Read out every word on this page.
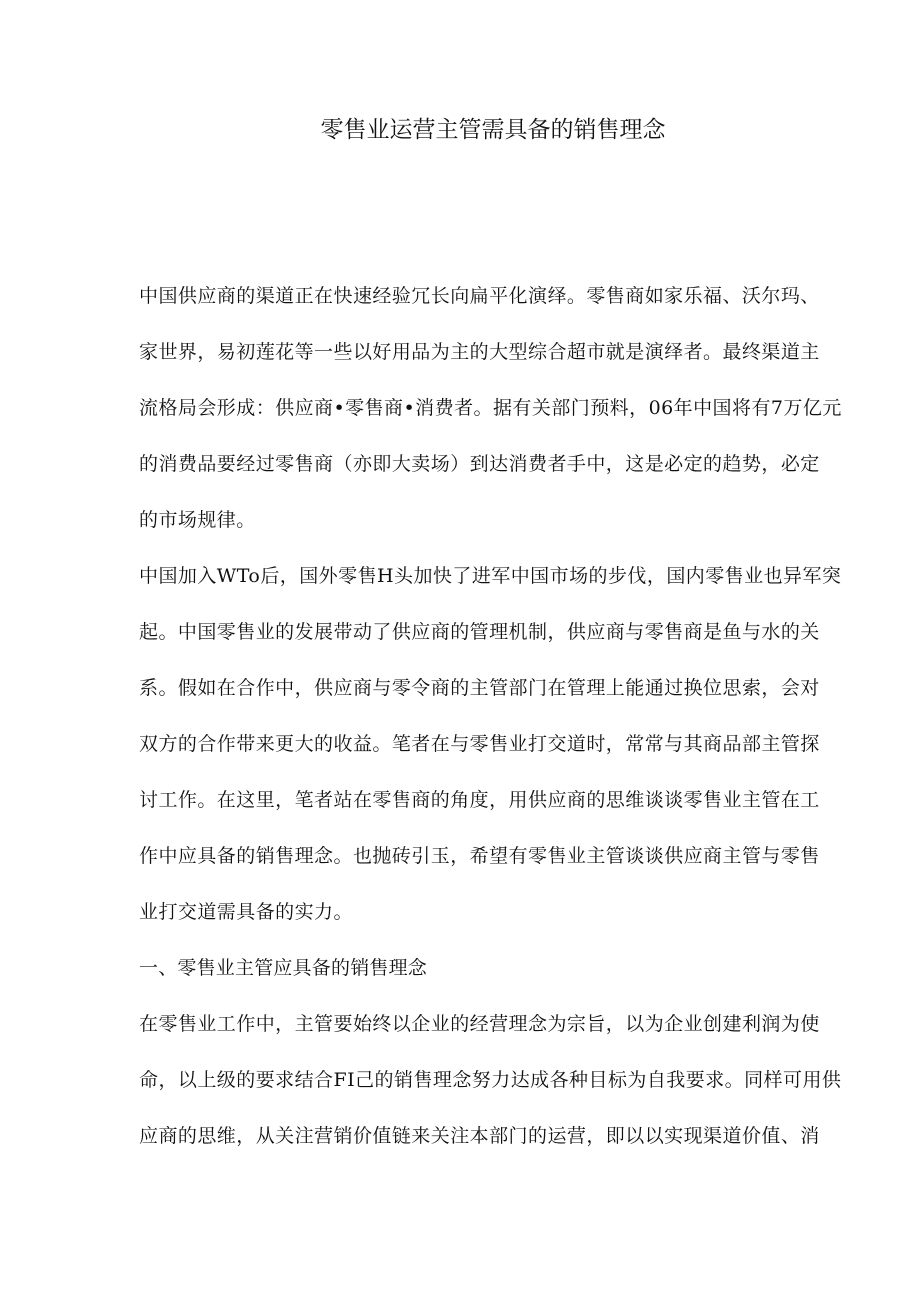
零售业运营主管需具备的销售理念
中国供应商的渠道正在快速经验冗长向扁平化演绎。零售商如家乐福、沃尔玛、
家世界，易初莲花等一些以好用品为主的大型综合超市就是演绎者。最终渠道主
流格局会形成：供应商•零售商•消费者。据有关部门预料，06年中国将有7万亿元
的消费品要经过零售商（亦即大卖场）到达消费者手中，这是必定的趋势，必定
的市场规律。
中国加入WTo后，国外零售H头加快了进军中国市场的步伐，国内零售业也异军突
起。中国零售业的发展带动了供应商的管理机制，供应商与零售商是鱼与水的关
系。假如在合作中，供应商与零令商的主管部门在管理上能通过换位思索，会对
双方的合作带来更大的收益。笔者在与零售业打交道时，常常与其商品部主管探
讨工作。在这里，笔者站在零售商的角度，用供应商的思维谈谈零售业主管在工
作中应具备的销售理念。也抛砖引玉，希望有零售业主管谈谈供应商主管与零售
业打交道需具备的实力。
一、零售业主管应具备的销售理念
在零售业工作中，主管要始终以企业的经营理念为宗旨，以为企业创建利润为使
命，以上级的要求结合FI己的销售理念努力达成各种目标为自我要求。同样可用供
应商的思维，从关注营销价值链来关注本部门的运营，即以以实现渠道价值、消
